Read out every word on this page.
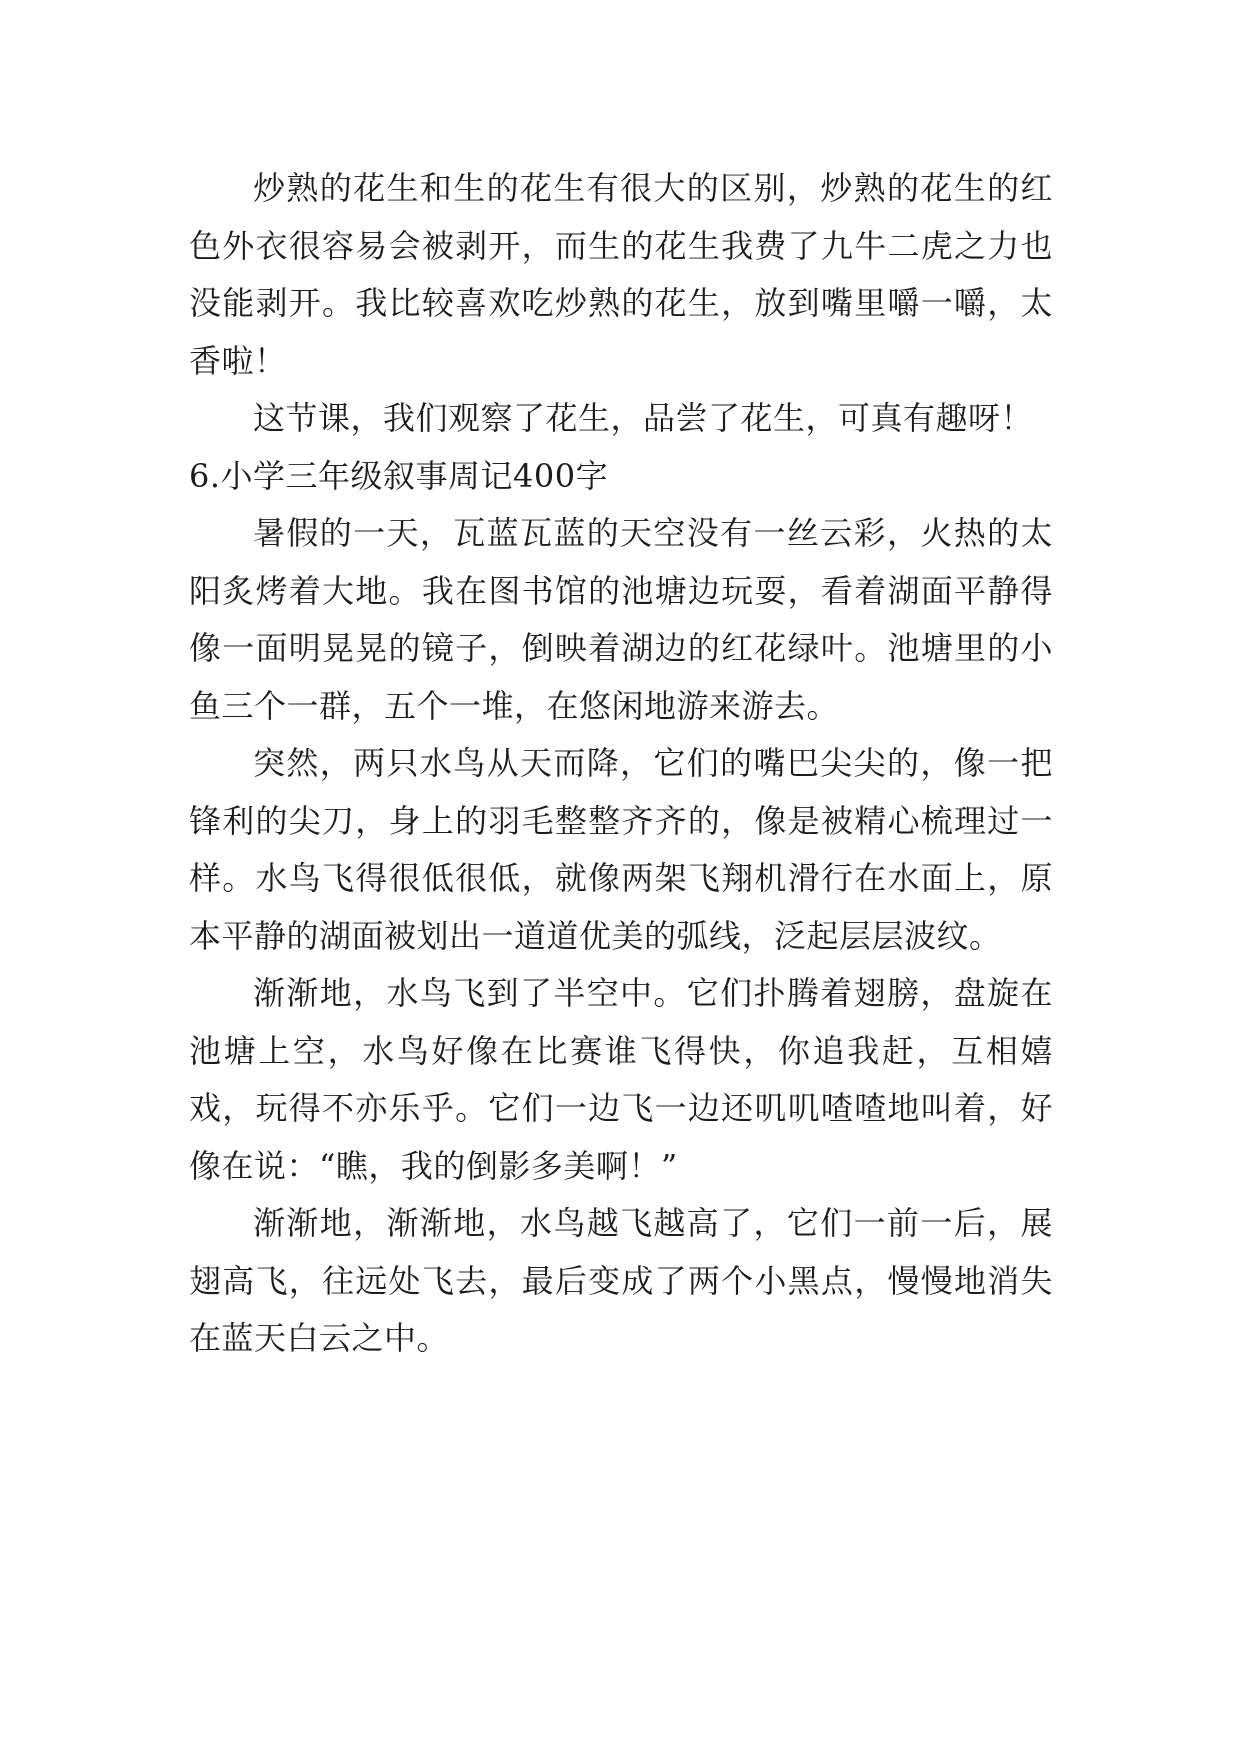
炒熟的花生和生的花生有很大的区别，炒熟的花生的红色外衣很容易会被剥开，而生的花生我费了九牛二虎之力也没能剥开。我比较喜欢吃炒熟的花生，放到嘴里嚼一嚼，太香啦！

这节课，我们观察了花生，品尝了花生，可真有趣呀！

6.小学三年级叙事周记400字

暑假的一天，瓦蓝瓦蓝的天空没有一丝云彩，火热的太阳炙烤着大地。我在图书馆的池塘边玩耍，看着湖面平静得像一面明晃晃的镜子，倒映着湖边的红花绿叶。池塘里的小鱼三个一群，五个一堆，在悠闲地游来游去。

突然，两只水鸟从天而降，它们的嘴巴尖尖的，像一把锋利的尖刀，身上的羽毛整整齐齐的，像是被精心梳理过一样。水鸟飞得很低很低，就像两架飞翔机滑行在水面上，原本平静的湖面被划出一道道优美的弧线，泛起层层波纹。

渐渐地，水鸟飞到了半空中。它们扑腾着翅膀，盘旋在池塘上空，水鸟好像在比赛谁飞得快，你追我赶，互相嬉戏，玩得不亦乐乎。它们一边飞一边还叽叽喳喳地叫着，好像在说：“瞧，我的倒影多美啊！”

渐渐地，渐渐地，水鸟越飞越高了，它们一前一后，展翅高飞，往远处飞去，最后变成了两个小黑点，慢慢地消失在蓝天白云之中。
